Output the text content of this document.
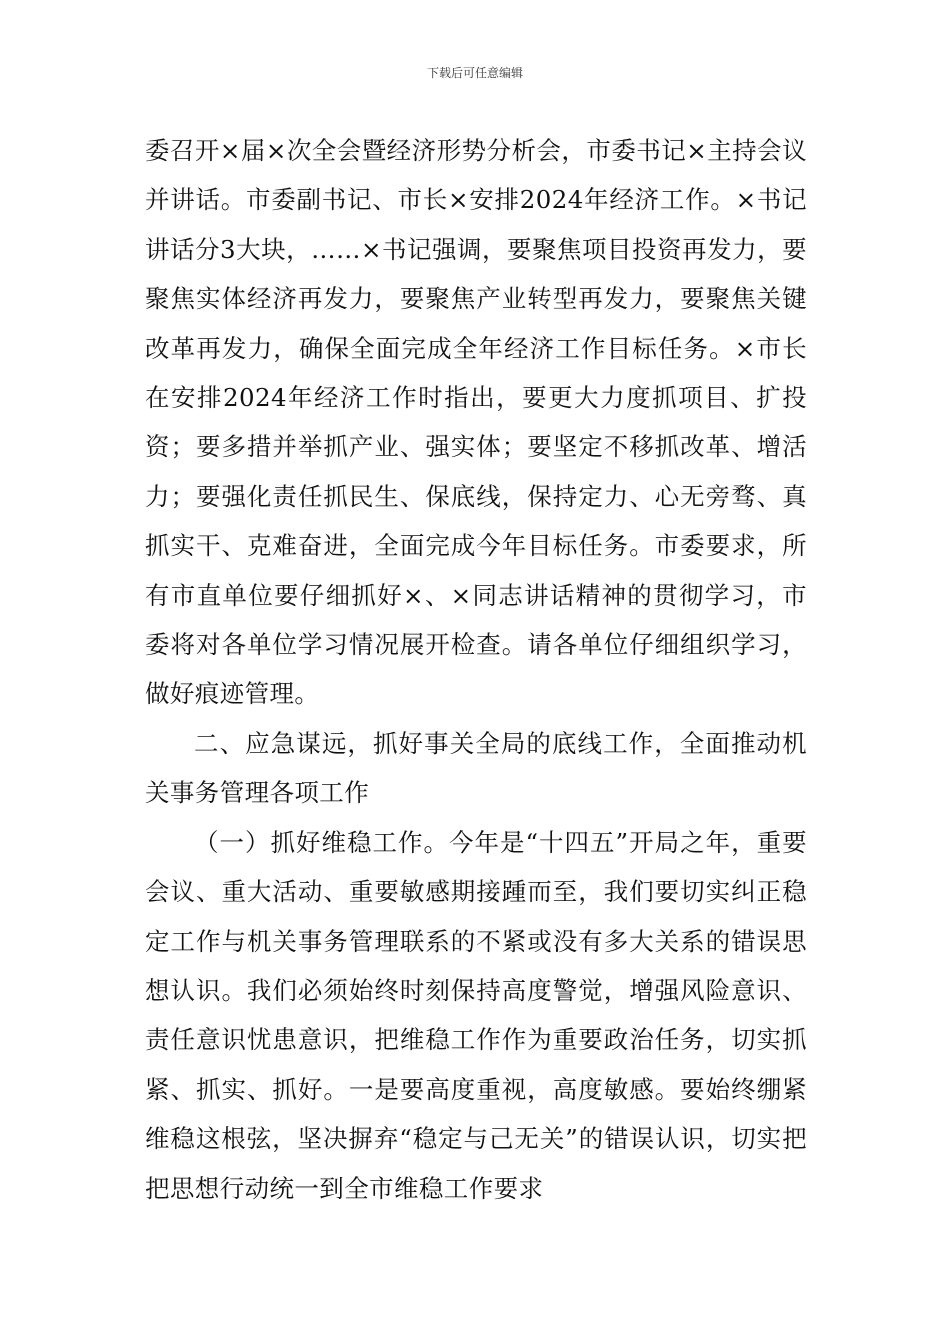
下载后可任意编辑

委召开×届×次全会暨经济形势分析会，市委书记×主持会议并讲话。市委副书记、市长×安排2024年经济工作。×书记讲话分3大块，……×书记强调，要聚焦项目投资再发力，要聚焦实体经济再发力，要聚焦产业转型再发力，要聚焦关键改革再发力，确保全面完成全年经济工作目标任务。×市长在安排2024年经济工作时指出，要更大力度抓项目、扩投资；要多措并举抓产业、强实体；要坚定不移抓改革、增活力；要强化责任抓民生、保底线，保持定力、心无旁骛、真抓实干、克难奋进，全面完成今年目标任务。市委要求，所有市直单位要仔细抓好×、×同志讲话精神的贯彻学习，市委将对各单位学习情况展开检查。请各单位仔细组织学习，做好痕迹管理。

二、应急谋远，抓好事关全局的底线工作，全面推动机关事务管理各项工作

（一）抓好维稳工作。今年是“十四五”开局之年，重要会议、重大活动、重要敏感期接踵而至，我们要切实纠正稳定工作与机关事务管理联系的不紧或没有多大关系的错误思想认识。我们必须始终时刻保持高度警觉，增强风险意识、责任意识忧患意识，把维稳工作作为重要政治任务，切实抓紧、抓实、抓好。一是要高度重视，高度敏感。要始终绷紧维稳这根弦，坚决摒弃“稳定与己无关”的错误认识，切实把把思想行动统一到全市维稳工作要求
